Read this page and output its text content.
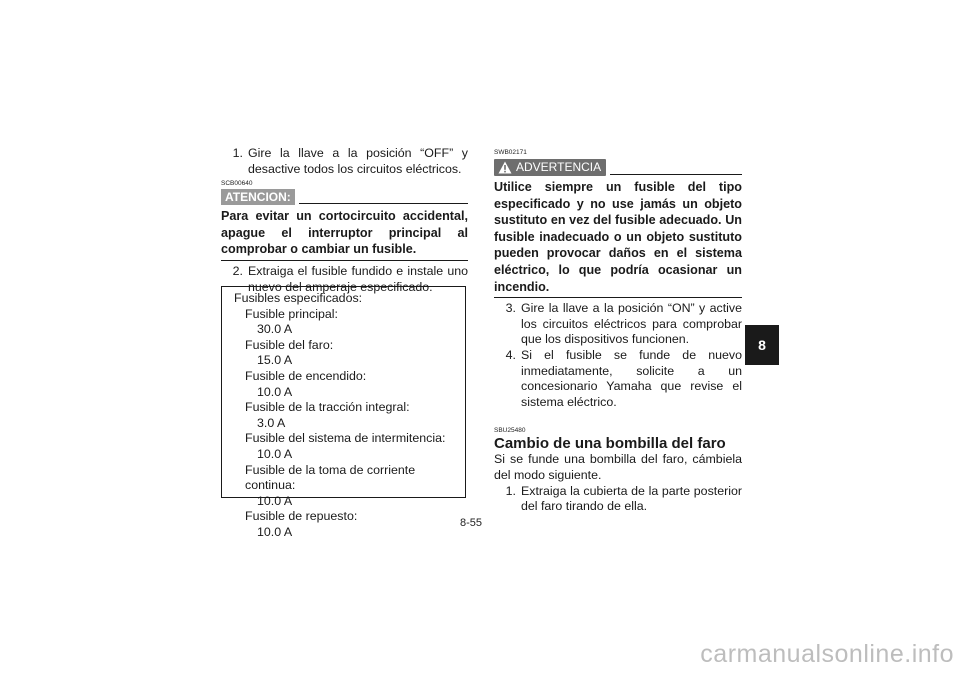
1. Gire la llave a la posición “OFF” y desactive todos los circuitos eléctricos.
SCB00640
ATENCION:
Para evitar un cortocircuito accidental, apague el interruptor principal al comprobar o cambiar un fusible.
2. Extraiga el fusible fundido e instale uno nuevo del amperaje especificado.
Fusibles especificados:
Fusible principal:
30.0 A
Fusible del faro:
15.0 A
Fusible de encendido:
10.0 A
Fusible de la tracción integral:
3.0 A
Fusible del sistema de intermitencia:
10.0 A
Fusible de la toma de corriente continua:
10.0 A
Fusible de repuesto:
10.0 A
SWB02171
ADVERTENCIA
Utilice siempre un fusible del tipo especificado y no use jamás un objeto sustituto en vez del fusible adecuado. Un fusible inadecuado o un objeto sustituto pueden provocar daños en el sistema eléctrico, lo que podría ocasionar un incendio.
3. Gire la llave a la posición “ON” y active los circuitos eléctricos para comprobar que los dispositivos funcionen.
4. Si el fusible se funde de nuevo inmediatamente, solicite a un concesionario Yamaha que revise el sistema eléctrico.
SBU25480
Cambio de una bombilla del faro
Si se funde una bombilla del faro, cámbiela del modo siguiente.
1. Extraiga la cubierta de la parte posterior del faro tirando de ella.
8-55
8
carmanualsonline.info
